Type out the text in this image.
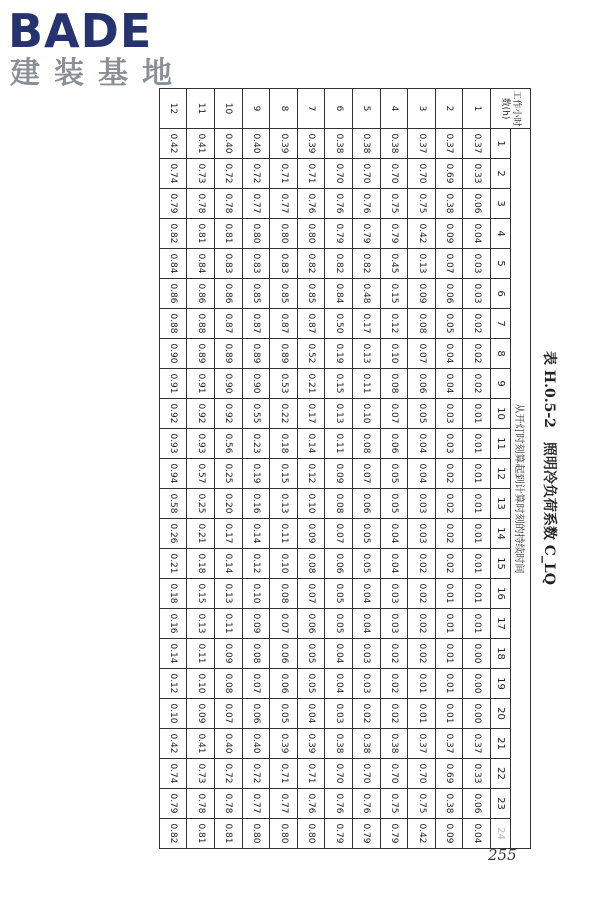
BADE
建装基地
表 H.0.5-2　照明冷负荷系数 C_LQ
工作小时数(h)	从开灯时刻算起到计算时刻的持续时间																							
	1	2	3	4	5	6	7	8	9	10	11	12	13	14	15	16	17	18	19	20	21	22	23	24
1	0.37	0.33	0.06	0.04	0.03	0.03	0.02	0.02	0.02	0.01	0.01	0.01	0.01	0.01	0.01	0.01	0.01	0.00	0.00	0.00	0.37	0.33	0.06	0.04
2	0.37	0.69	0.38	0.09	0.07	0.06	0.05	0.04	0.04	0.03	0.03	0.02	0.02	0.02	0.02	0.01	0.01	0.01	0.01	0.01	0.37	0.69	0.38	0.09
3	0.37	0.70	0.75	0.42	0.13	0.09	0.08	0.07	0.06	0.05	0.04	0.04	0.03	0.03	0.02	0.02	0.02	0.02	0.01	0.01	0.37	0.70	0.75	0.42
4	0.38	0.70	0.75	0.79	0.45	0.15	0.12	0.10	0.08	0.07	0.06	0.05	0.05	0.04	0.04	0.03	0.03	0.02	0.02	0.02	0.38	0.70	0.75	0.79
5	0.38	0.70	0.76	0.79	0.82	0.48	0.17	0.13	0.11	0.10	0.08	0.07	0.06	0.05	0.05	0.04	0.04	0.03	0.03	0.02	0.38	0.70	0.76	0.79
6	0.38	0.70	0.76	0.79	0.82	0.84	0.50	0.19	0.15	0.13	0.11	0.09	0.08	0.07	0.06	0.05	0.05	0.04	0.04	0.03	0.38	0.70	0.76	0.79
7	0.39	0.71	0.76	0.80	0.82	0.85	0.87	0.52	0.21	0.17	0.14	0.12	0.10	0.09	0.08	0.07	0.06	0.05	0.05	0.04	0.39	0.71	0.76	0.80
8	0.39	0.71	0.77	0.80	0.83	0.85	0.87	0.89	0.53	0.22	0.18	0.15	0.13	0.11	0.10	0.08	0.07	0.06	0.06	0.05	0.39	0.71	0.77	0.80
9	0.40	0.72	0.77	0.80	0.83	0.85	0.87	0.89	0.90	0.55	0.23	0.19	0.16	0.14	0.12	0.10	0.09	0.08	0.07	0.06	0.40	0.72	0.77	0.80
10	0.40	0.72	0.78	0.81	0.83	0.86	0.87	0.89	0.90	0.92	0.56	0.25	0.20	0.17	0.14	0.13	0.11	0.09	0.08	0.07	0.40	0.72	0.78	0.81
11	0.41	0.73	0.78	0.81	0.84	0.86	0.88	0.89	0.91	0.92	0.93	0.57	0.25	0.21	0.18	0.15	0.13	0.11	0.10	0.09	0.41	0.73	0.78	0.81
12	0.42	0.74	0.79	0.82	0.84	0.86	0.88	0.90	0.91	0.92	0.93	0.94	0.58	0.26	0.21	0.18	0.16	0.14	0.12	0.10	0.42	0.74	0.79	0.82
255
